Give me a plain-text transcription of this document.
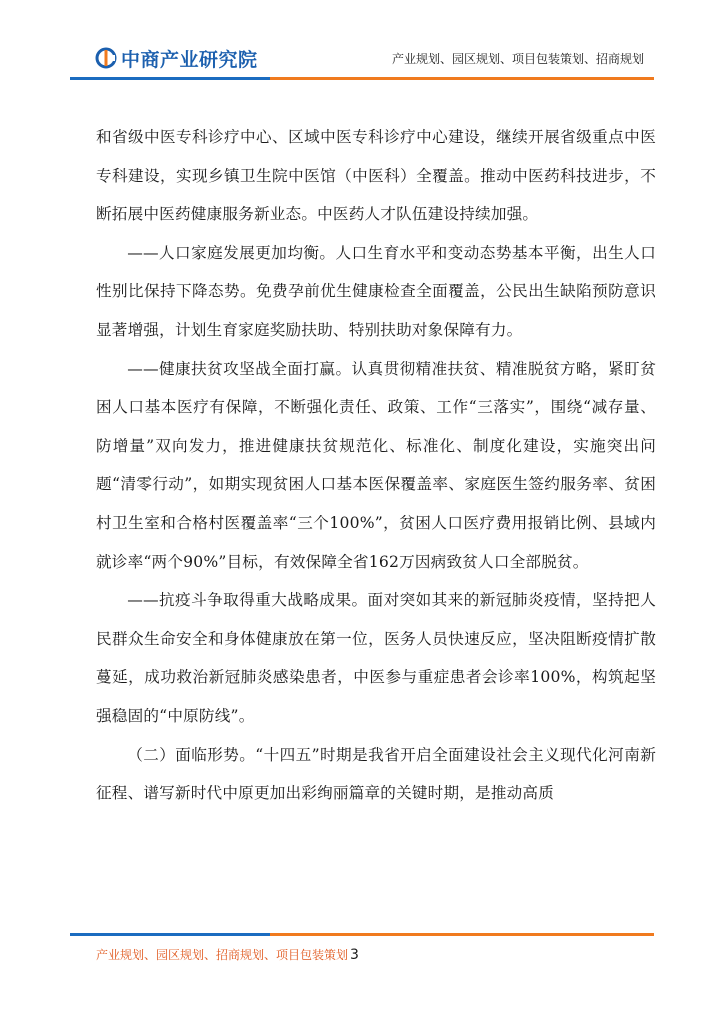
中商产业研究院	产业规划、园区规划、项目包装策划、招商规划

和省级中医专科诊疗中心、区域中医专科诊疗中心建设，继续开展省级重点中医专科建设，实现乡镇卫生院中医馆（中医科）全覆盖。推动中医药科技进步，不断拓展中医药健康服务新业态。中医药人才队伍建设持续加强。

——人口家庭发展更加均衡。人口生育水平和变动态势基本平衡，出生人口性别比保持下降态势。免费孕前优生健康检查全面覆盖，公民出生缺陷预防意识显著增强，计划生育家庭奖励扶助、特别扶助对象保障有力。

——健康扶贫攻坚战全面打赢。认真贯彻精准扶贫、精准脱贫方略，紧盯贫困人口基本医疗有保障，不断强化责任、政策、工作“三落实”，围绕“减存量、防增量”双向发力，推进健康扶贫规范化、标准化、制度化建设，实施突出问题“清零行动”，如期实现贫困人口基本医保覆盖率、家庭医生签约服务率、贫困村卫生室和合格村医覆盖率“三个100%”，贫困人口医疗费用报销比例、县域内就诊率“两个90%”目标，有效保障全省162万因病致贫人口全部脱贫。

——抗疫斗争取得重大战略成果。面对突如其来的新冠肺炎疫情，坚持把人民群众生命安全和身体健康放在第一位，医务人员快速反应，坚决阻断疫情扩散蔓延，成功救治新冠肺炎感染患者，中医参与重症患者会诊率100%，构筑起坚强稳固的“中原防线”。

（二）面临形势。“十四五”时期是我省开启全面建设社会主义现代化河南新征程、谱写新时代中原更加出彩绚丽篇章的关键时期，是推动高质

产业规划、园区规划、招商规划、项目包装策划 3
